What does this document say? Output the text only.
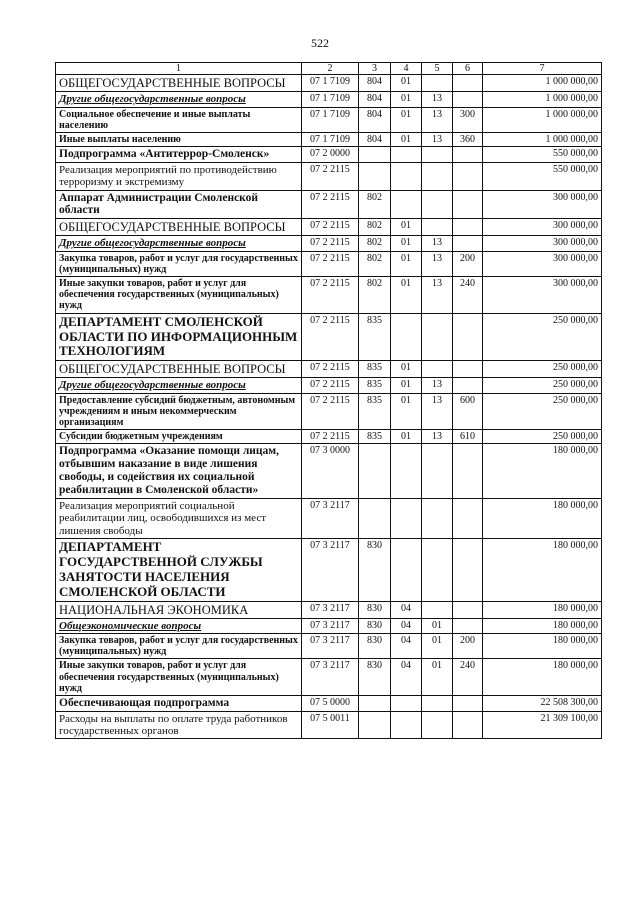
522
1	2	3	4	5	6	7
ОБЩЕГОСУДАРСТВЕННЫЕ ВОПРОСЫ	07 1 7109	804	01			1 000 000,00
Другие общегосударственные вопросы	07 1 7109	804	01	13		1 000 000,00
Социальное обеспечение и иные выплаты населению	07 1 7109	804	01	13	300	1 000 000,00
Иные выплаты населению	07 1 7109	804	01	13	360	1 000 000,00
Подпрограмма «Антитеррор-Смоленск»	07 2 0000					550 000,00
Реализация мероприятий по противодействию терроризму и экстремизму	07 2 2115					550 000,00
Аппарат Администрации Смоленской области	07 2 2115	802				300 000,00
ОБЩЕГОСУДАРСТВЕННЫЕ ВОПРОСЫ	07 2 2115	802	01			300 000,00
Другие общегосударственные вопросы	07 2 2115	802	01	13		300 000,00
Закупка товаров, работ и услуг для государственных (муниципальных) нужд	07 2 2115	802	01	13	200	300 000,00
Иные закупки товаров, работ и услуг для обеспечения государственных (муниципальных) нужд	07 2 2115	802	01	13	240	300 000,00
ДЕПАРТАМЕНТ СМОЛЕНСКОЙ ОБЛАСТИ ПО ИНФОРМАЦИОННЫМ ТЕХНОЛОГИЯМ	07 2 2115	835				250 000,00
ОБЩЕГОСУДАРСТВЕННЫЕ ВОПРОСЫ	07 2 2115	835	01			250 000,00
Другие общегосударственные вопросы	07 2 2115	835	01	13		250 000,00
Предоставление субсидий бюджетным, автономным учреждениям и иным некоммерческим организациям	07 2 2115	835	01	13	600	250 000,00
Субсидии бюджетным учреждениям	07 2 2115	835	01	13	610	250 000,00
Подпрограмма «Оказание помощи лицам, отбывшим наказание в виде лишения свободы, и содействия их социальной реабилитации в Смоленской области»	07 3 0000					180 000,00
Реализация мероприятий социальной реабилитации лиц, освободившихся из мест лишения свободы	07 3 2117					180 000,00
ДЕПАРТАМЕНТ ГОСУДАРСТВЕННОЙ СЛУЖБЫ ЗАНЯТОСТИ НАСЕЛЕНИЯ СМОЛЕНСКОЙ ОБЛАСТИ	07 3 2117	830				180 000,00
НАЦИОНАЛЬНАЯ ЭКОНОМИКА	07 3 2117	830	04			180 000,00
Общеэкономические вопросы	07 3 2117	830	04	01		180 000,00
Закупка товаров, работ и услуг для государственных (муниципальных) нужд	07 3 2117	830	04	01	200	180 000,00
Иные закупки товаров, работ и услуг для обеспечения государственных (муниципальных) нужд	07 3 2117	830	04	01	240	180 000,00
Обеспечивающая подпрограмма	07 5 0000					22 508 300,00
Расходы на выплаты по оплате труда работников государственных органов	07 5 0011					21 309 100,00
